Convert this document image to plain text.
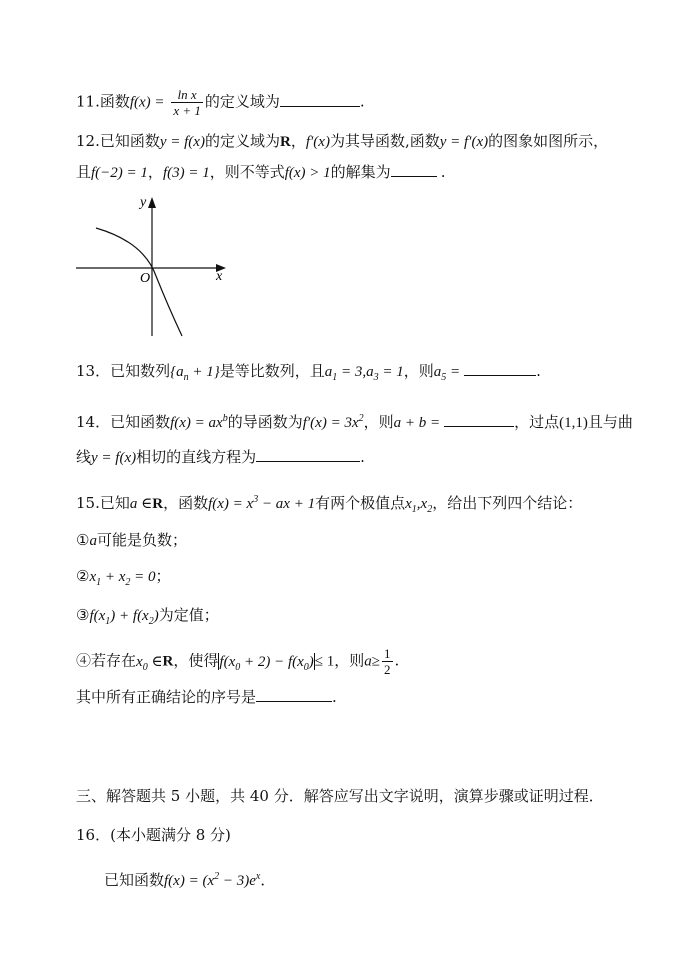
11.函数$f(x) = \frac{\text{ln x}}{x + 1}$ 的定义域为	.
12.已知函数y = f(x)的定义域为R，f′(x)为其导函数,函数y = f′(x)的图象如图所示，
且f(−2) = 1，f(3) = 1，则不等式f(x) > 1的解集为	.
y
x
O
13．已知数列$\{a_n + 1\}$是等比数列，且$a_1 = 3,a_3 = 1$，则$a_5$ =	.
14．已知函数$f(x) = ax^b$的导函数为$f'(x) = 3x^2$，则a + b =	，过点(1,1)且与曲
线y = f(x)相切的直线方程为	.
15.已知a ∈R，函数$f(x) = x^3$ − ax + 1有两个极值点$x_1,x_2$，给出下列四个结论：
①a可能是负数；
$②x_1 + x_2 = 0$；
$③f(x_1) + f(x_2)$为定值；
④若存在$x_0$ ∈R，使得$f(x_0 + 2) - f(x_0)\le 1$，则$a\ge \frac{1}{2}$ .
其中所有正确结论的序号是	.
三、解答题共 5 小题，共 40 分．解答应写出文字说明，演算步骤或证明过程．
16．(本小题满分 8 分)
已知函数$f(x) = (x^2 - 3)e^x$．
